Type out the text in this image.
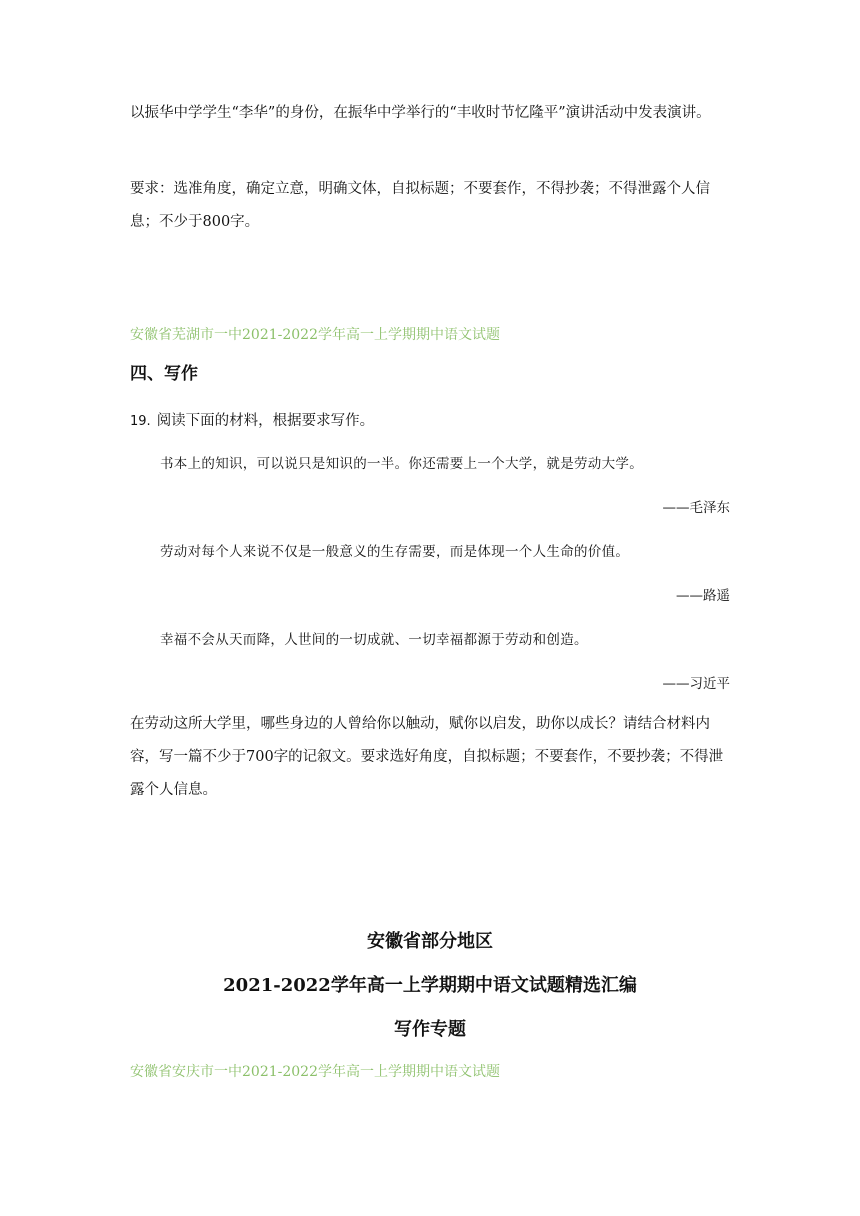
以振华中学学生“李华”的身份，在振华中学举行的“丰收时节忆隆平”演讲活动中发表演讲。

要求：选准角度，确定立意，明确文体，自拟标题；不要套作，不得抄袭；不得泄露个人信息；不少于800字。

安徽省芜湖市一中2021-2022学年高一上学期期中语文试题

四、写作

19. 阅读下面的材料，根据要求写作。

书本上的知识，可以说只是知识的一半。你还需要上一个大学，就是劳动大学。

——毛泽东

劳动对每个人来说不仅是一般意义的生存需要，而是体现一个人生命的价值。

——路遥

幸福不会从天而降，人世间的一切成就、一切幸福都源于劳动和创造。

——习近平

在劳动这所大学里，哪些身边的人曾给你以触动，赋你以启发，助你以成长？请结合材料内容，写一篇不少于700字的记叙文。要求选好角度，自拟标题；不要套作，不要抄袭；不得泄露个人信息。

安徽省部分地区

2021-2022学年高一上学期期中语文试题精选汇编

写作专题

安徽省安庆市一中2021-2022学年高一上学期期中语文试题
